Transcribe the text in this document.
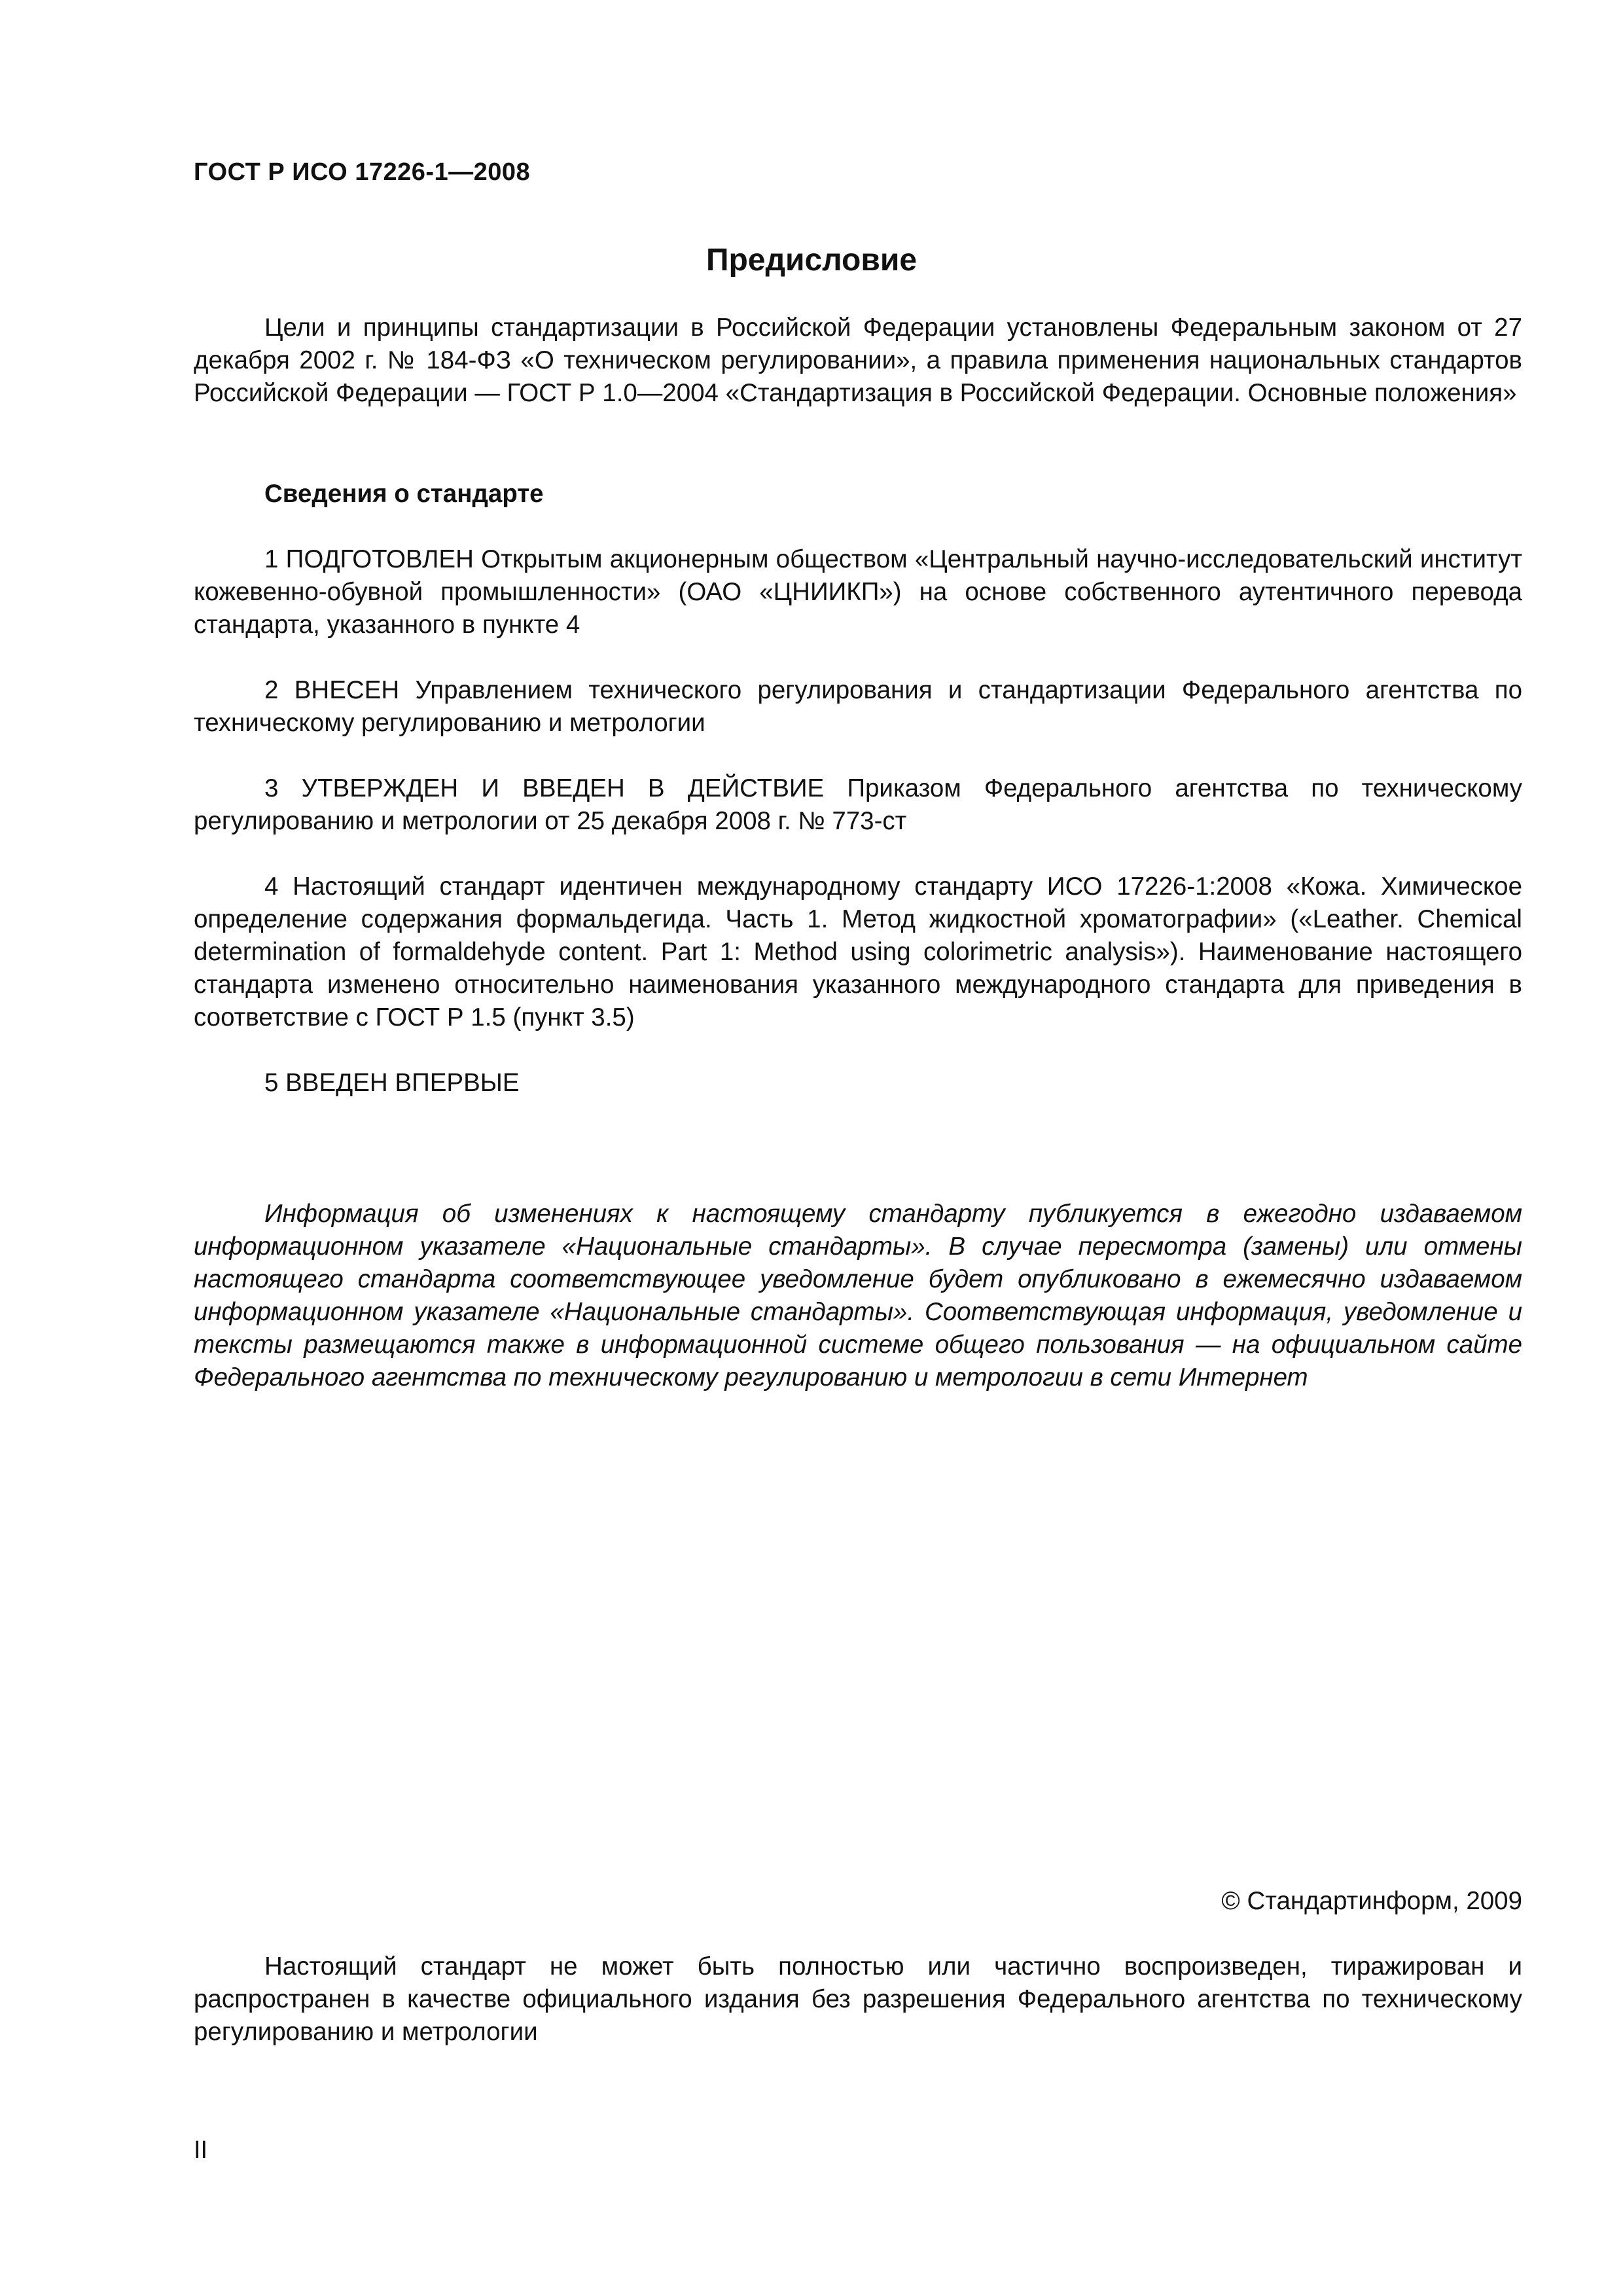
ГОСТ Р ИСО 17226-1—2008
Предисловие

Цели и принципы стандартизации в Российской Федерации установлены Федеральным законом от 27 декабря 2002 г. № 184-ФЗ «О техническом регулировании», а правила применения национальных стандартов Российской Федерации — ГОСТ Р 1.0—2004 «Стандартизация в Российской Федерации. Основные положения»

Сведения о стандарте

1 ПОДГОТОВЛЕН Открытым акционерным обществом «Центральный научно-исследовательский институт кожевенно-обувной промышленности» (ОАО «ЦНИИКП») на основе собственного аутентичного перевода стандарта, указанного в пункте 4

2 ВНЕСЕН Управлением технического регулирования и стандартизации Федерального агентства по техническому регулированию и метрологии

3 УТВЕРЖДЕН И ВВЕДЕН В ДЕЙСТВИЕ Приказом Федерального агентства по техническому регулированию и метрологии от 25 декабря 2008 г. № 773-ст

4 Настоящий стандарт идентичен международному стандарту ИСО 17226-1:2008 «Кожа. Химическое определение содержания формальдегида. Часть 1. Метод жидкостной хроматографии» («Leather. Chemical determination of formaldehyde content. Part 1: Method using colorimetric analysis»). Наименование настоящего стандарта изменено относительно наименования указанного международного стандарта для приведения в соответствие с ГОСТ Р 1.5 (пункт 3.5)

5 ВВЕДЕН ВПЕРВЫЕ

Информация об изменениях к настоящему стандарту публикуется в ежегодно издаваемом информационном указателе «Национальные стандарты». В случае пересмотра (замены) или отмены настоящего стандарта соответствующее уведомление будет опубликовано в ежемесячно издаваемом информационном указателе «Национальные стандарты». Соответствующая информация, уведомление и тексты размещаются также в информационной системе общего пользования — на официальном сайте Федерального агентства по техническому регулированию и метрологии в сети Интернет

© Стандартинформ, 2009

Настоящий стандарт не может быть полностью или частично воспроизведен, тиражирован и распространен в качестве официального издания без разрешения Федерального агентства по техническому регулированию и метрологии

II
